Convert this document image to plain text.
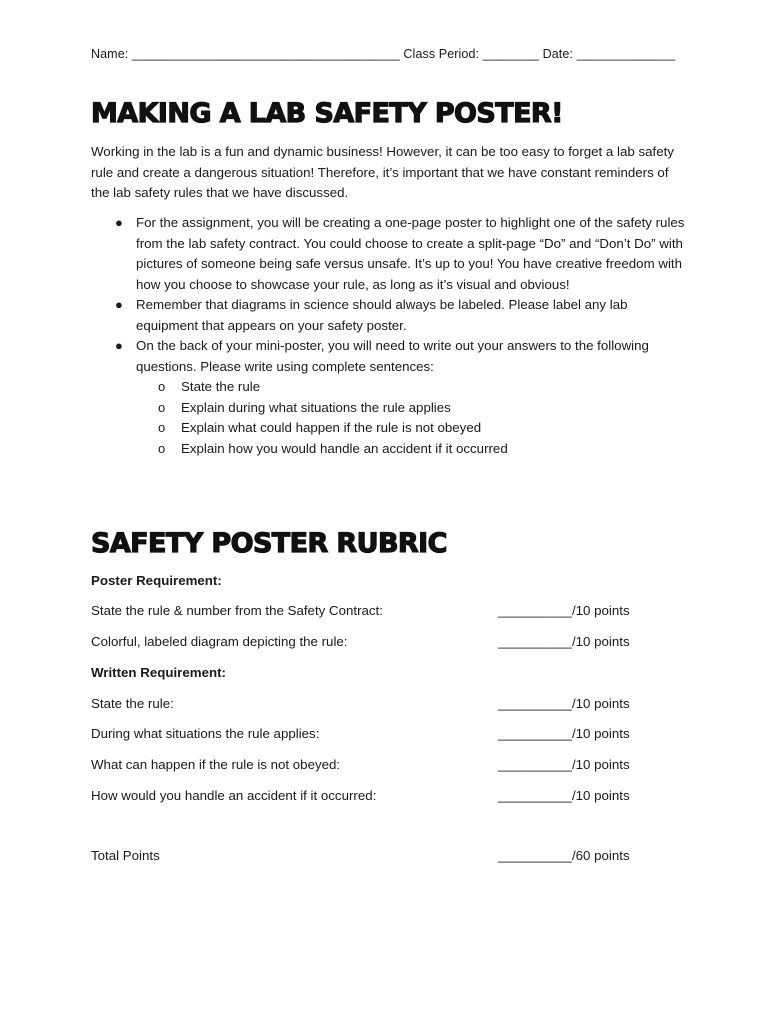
Name: ______________________________________ Class Period: ________ Date: ______________
MAKING A LAB SAFETY POSTER!

Working in the lab is a fun and dynamic business! However, it can be too easy to forget a lab safety rule and create a dangerous situation! Therefore, it’s important that we have constant reminders of the lab safety rules that we have discussed.

● For the assignment, you will be creating a one-page poster to highlight one of the safety rules from the lab safety contract. You could choose to create a split-page “Do” and “Don’t Do” with pictures of someone being safe versus unsafe. It’s up to you! You have creative freedom with how you choose to showcase your rule, as long as it’s visual and obvious!
● Remember that diagrams in science should always be labeled. Please label any lab equipment that appears on your safety poster.
● On the back of your mini-poster, you will need to write out your answers to the following questions. Please write using complete sentences:
o State the rule
o Explain during what situations the rule applies
o Explain what could happen if the rule is not obeyed
o Explain how you would handle an accident if it occurred
SAFETY POSTER RUBRIC
Poster Requirement:
State the rule & number from the Safety Contract:	__________/10 points
Colorful, labeled diagram depicting the rule:	__________/10 points
Written Requirement:
State the rule:	__________/10 points
During what situations the rule applies:	__________/10 points
What can happen if the rule is not obeyed:	__________/10 points
How would you handle an accident if it occurred:	__________/10 points
Total Points	__________/60 points
